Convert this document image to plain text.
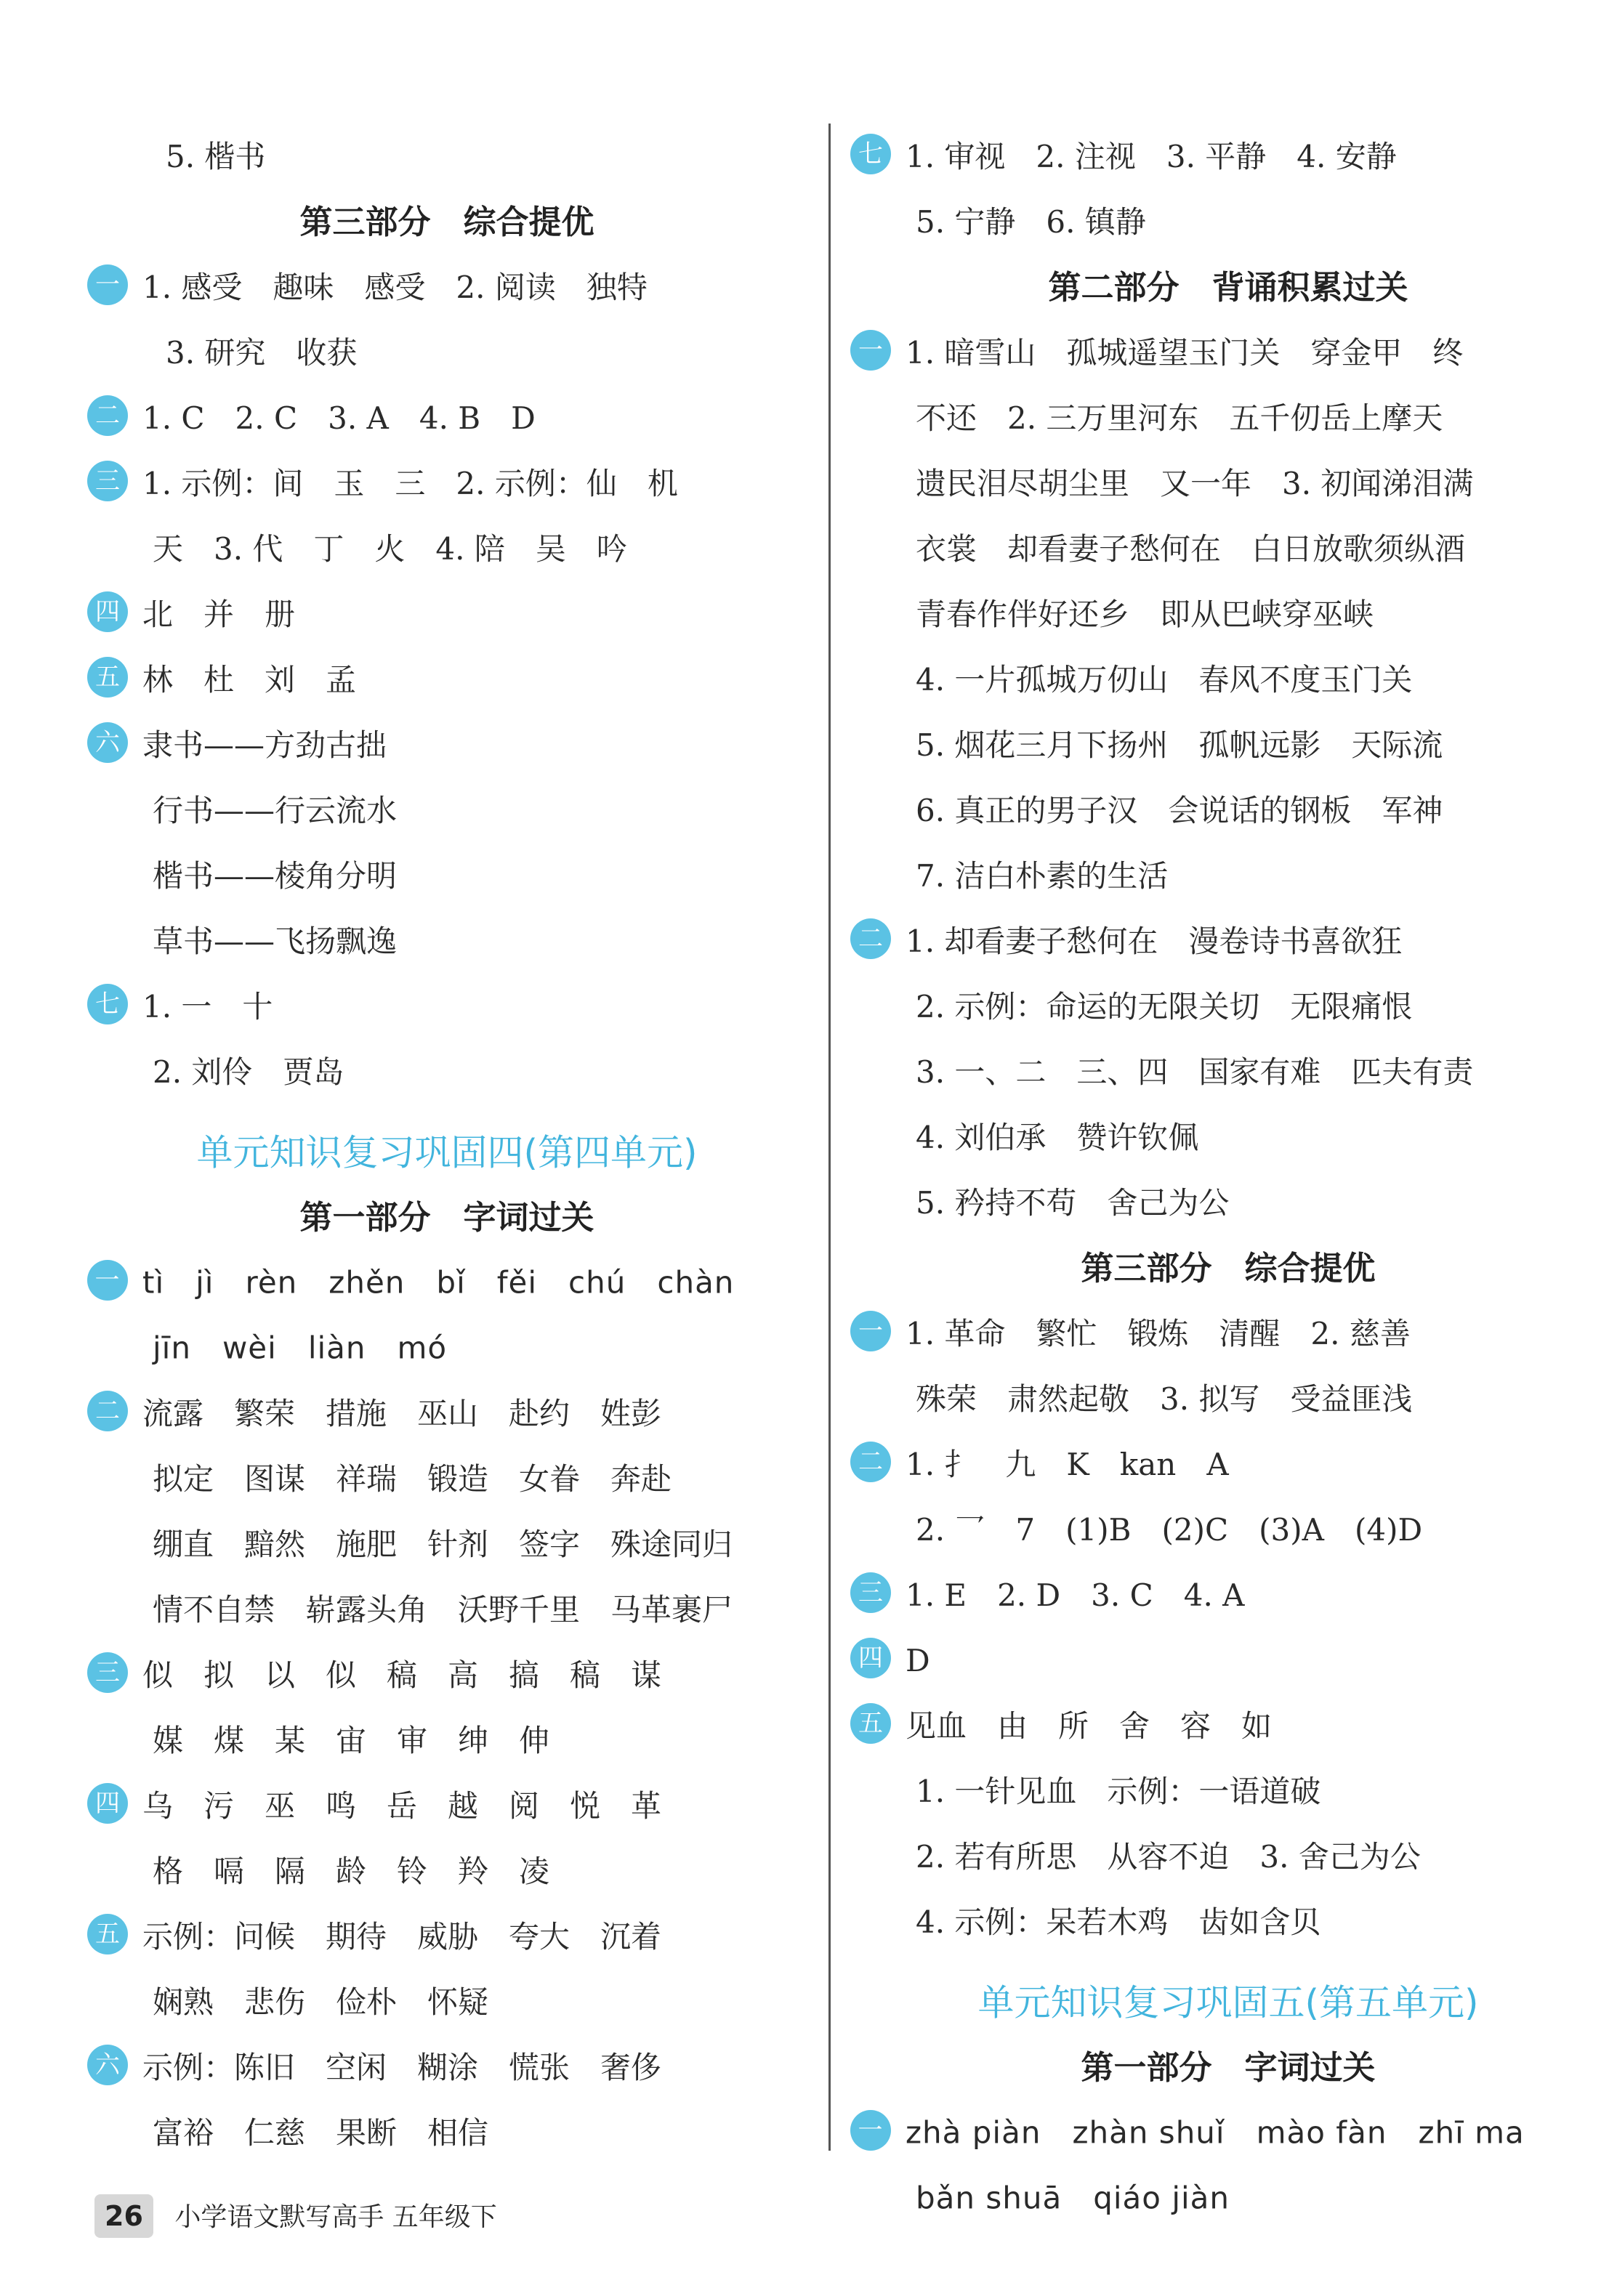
5. 楷书
第三部分　综合提优
一 1. 感受　趣味　感受　2. 阅读　独特
3. 研究　收获
二 1. C　2. C　3. A　4. B　D
三 1. 示例：间　玉　三　2. 示例：仙　机
天　3. 代　丁　火　4. 陪　吴　吟
四 北　并　册
五 林　杜　刘　孟
六 隶书——方劲古拙
行书——行云流水
楷书——棱角分明
草书——飞扬飘逸
七 1. 一　十
2. 刘伶　贾岛
单元知识复习巩固四(第四单元)
第一部分　字词过关
一 tì　jì　rèn　zhěn　bǐ　fěi　chú　chàn
jīn　wèi　liàn　mó
二 流露　繁荣　措施　巫山　赴约　姓彭
拟定　图谋　祥瑞　锻造　女眷　奔赴
绷直　黯然　施肥　针剂　签字　殊途同归
情不自禁　崭露头角　沃野千里　马革裹尸
三 似　拟　以　似　稿　高　搞　稿　谋
媒　煤　某　宙　审　绅　伸
四 乌　污　巫　鸣　岳　越　阅　悦　革
格　嗝　隔　龄　铃　羚　凌
五 示例：问候　期待　威胁　夸大　沉着
娴熟　悲伤　俭朴　怀疑
六 示例：陈旧　空闲　糊涂　慌张　奢侈
富裕　仁慈　果断　相信
七 1. 审视　2. 注视　3. 平静　4. 安静
5. 宁静　6. 镇静
第二部分　背诵积累过关
一 1. 暗雪山　孤城遥望玉门关　穿金甲　终
不还　2. 三万里河东　五千仞岳上摩天
遗民泪尽胡尘里　又一年　3. 初闻涕泪满
衣裳　却看妻子愁何在　白日放歌须纵酒
青春作伴好还乡　即从巴峡穿巫峡
4. 一片孤城万仞山　春风不度玉门关
5. 烟花三月下扬州　孤帆远影　天际流
6. 真正的男子汉　会说话的钢板　军神
7. 洁白朴素的生活
二 1. 却看妻子愁何在　漫卷诗书喜欲狂
2. 示例：命运的无限关切　无限痛恨
3. 一、二　三、四　国家有难　匹夫有责
4. 刘伯承　赞许钦佩
5. 矜持不苟　舍己为公
第三部分　综合提优
一 1. 革命　繁忙　锻炼　清醒　2. 慈善
殊荣　肃然起敬　3. 拟写　受益匪浅
二 1. 扌　九　K　kan　A
2. 乛　7　(1)B　(2)C　(3)A　(4)D
三 1. E　2. D　3. C　4. A
四 D
五 见血　由　所　舍　容　如
1. 一针见血　示例：一语道破
2. 若有所思　从容不迫　3. 舍己为公
4. 示例：呆若木鸡　齿如含贝
单元知识复习巩固五(第五单元)
第一部分　字词过关
一 zhà piàn　zhàn shuǐ　mào fàn　zhī ma
bǎn shuā　qiáo jiàn
26 小学语文默写高手 五年级下
